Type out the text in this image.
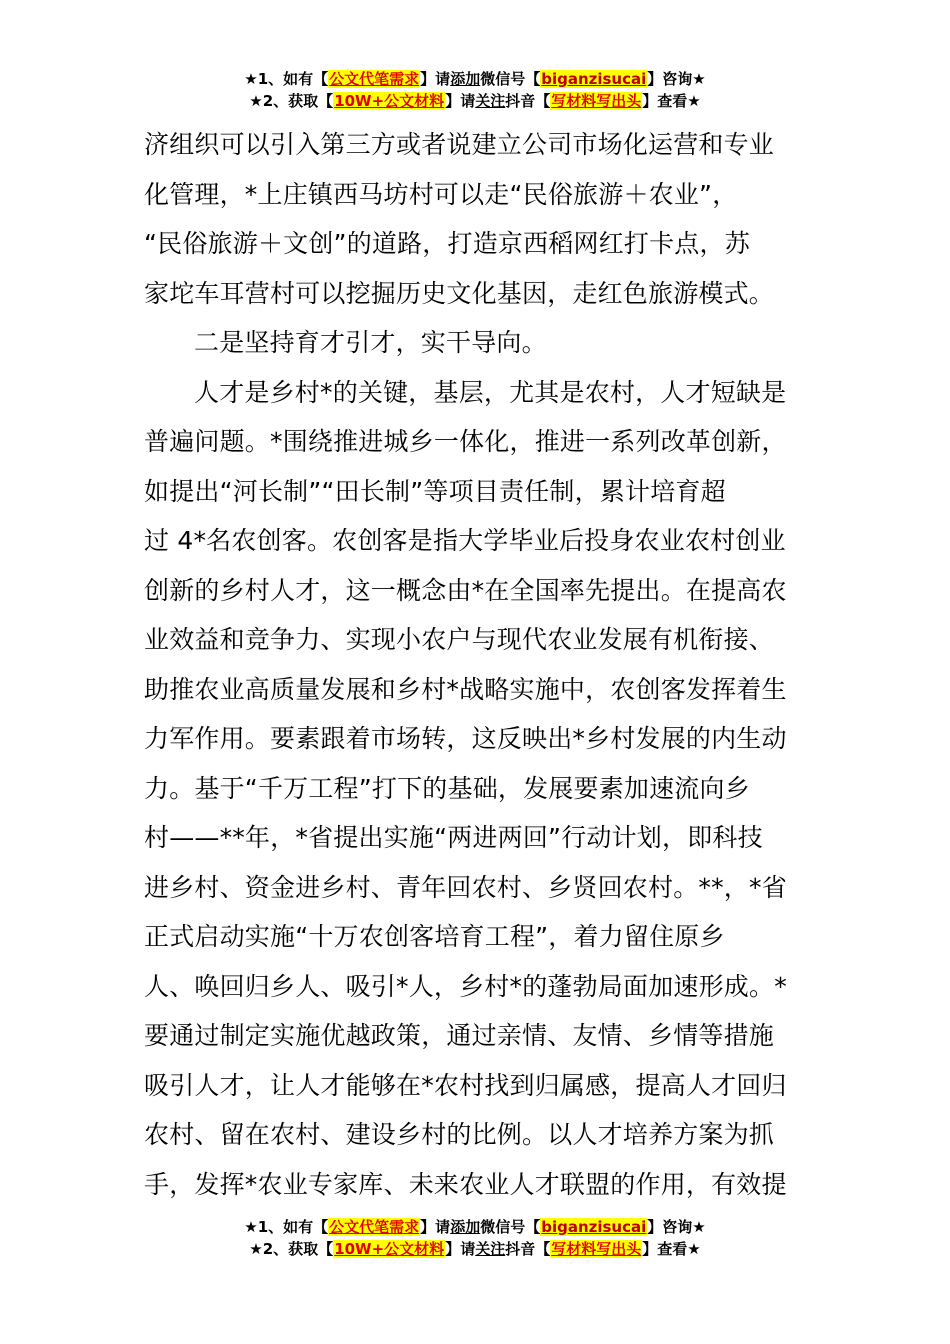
★1、如有【公文代笔需求】请添加微信号【biganzisucai】咨询★
★2、获取【10W+公文材料】请关注抖音【写材料写出头】查看★
济组织可以引入第三方或者说建立公司市场化运营和专业
化管理，*上庄镇西马坊村可以走“民俗旅游＋农业”，
“民俗旅游＋文创”的道路，打造京西稻网红打卡点，苏
家坨车耳营村可以挖掘历史文化基因，走红色旅游模式。
二是坚持育才引才，实干导向。
人才是乡村*的关键，基层，尤其是农村，人才短缺是
普遍问题。*围绕推进城乡一体化，推进一系列改革创新，
如提出“河长制”“田长制”等项目责任制，累计培育超
过 4*名农创客。农创客是指大学毕业后投身农业农村创业
创新的乡村人才，这一概念由*在全国率先提出。在提高农
业效益和竞争力、实现小农户与现代农业发展有机衔接、
助推农业高质量发展和乡村*战略实施中，农创客发挥着生
力军作用。要素跟着市场转，这反映出*乡村发展的内生动
力。基于“千万工程”打下的基础，发展要素加速流向乡
村——**年，*省提出实施“两进两回”行动计划，即科技
进乡村、资金进乡村、青年回农村、乡贤回农村。**，*省
正式启动实施“十万农创客培育工程”，着力留住原乡
人、唤回归乡人、吸引*人，乡村*的蓬勃局面加速形成。*
要通过制定实施优越政策，通过亲情、友情、乡情等措施
吸引人才，让人才能够在*农村找到归属感，提高人才回归
农村、留在农村、建设乡村的比例。以人才培养方案为抓
手，发挥*农业专家库、未来农业人才联盟的作用，有效提
★1、如有【公文代笔需求】请添加微信号【biganzisucai】咨询★
★2、获取【10W+公文材料】请关注抖音【写材料写出头】查看★
